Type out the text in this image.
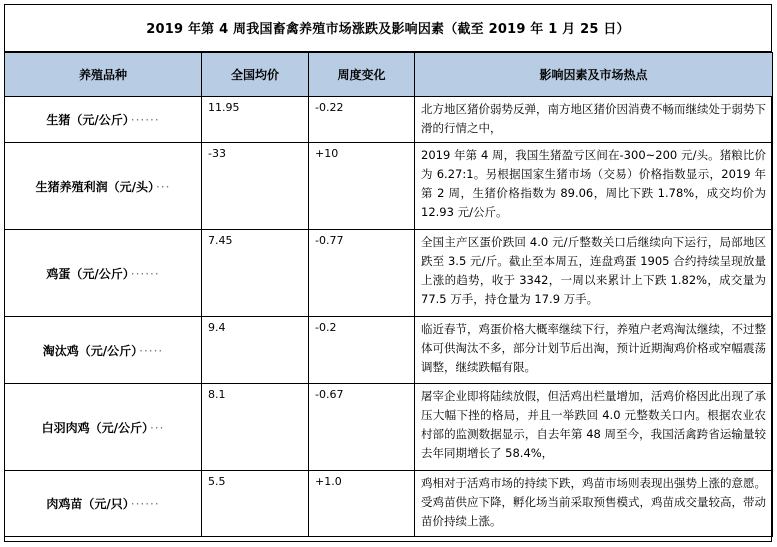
2019 年第 4 周我国畜禽养殖市场涨跌及影响因素（截至 2019 年 1 月 25 日）
养殖品种	全国均价	周度变化	影响因素及市场热点
生猪（元/公斤） ······	11.95	-0.22	北方地区猪价弱势反弹，南方地区猪价因消费不畅而继续处于弱势下滑的行情之中，
生猪养殖利润（元/头） ···	-33	+10	2019 年第 4 周，我国生猪盈亏区间在-300~200 元/头。猪粮比价为 6.27:1。另根据国家生猪市场（交易）价格指数显示，2019 年第 2 周，生猪价格指数为 89.06，周比下跌 1.78%，成交均价为 12.93 元/公斤。
鸡蛋（元/公斤） ······	7.45	-0.77	全国主产区蛋价跌回 4.0 元/斤整数关口后继续向下运行，局部地区跌至 3.5 元/斤。截止至本周五，连盘鸡蛋 1905 合约持续呈现放量上涨的趋势，收于 3342，一周以来累计上下跌 1.82%，成交量为 77.5 万手，持仓量为 17.9 万手。
淘汰鸡（元/公斤） ·····	9.4	-0.2	临近春节，鸡蛋价格大概率继续下行，养殖户老鸡淘汰继续，不过整体可供淘汰不多，部分计划节后出淘，预计近期淘鸡价格或窄幅震荡调整，继续跌幅有限。
白羽肉鸡（元/公斤） ···	8.1	-0.67	屠宰企业即将陆续放假，但活鸡出栏量增加，活鸡价格因此出现了承压大幅下挫的格局，并且一举跌回 4.0 元整数关口内。根据农业农村部的监测数据显示，自去年第 48 周至今，我国活禽跨省运输量较去年同期增长了 58.4%，
肉鸡苗（元/只） ······	5.5	+1.0	鸡相对于活鸡市场的持续下跌，鸡苗市场则表现出强势上涨的意愿。受鸡苗供应下降，孵化场当前采取预售模式，鸡苗成交量较高，带动苗价持续上涨。
